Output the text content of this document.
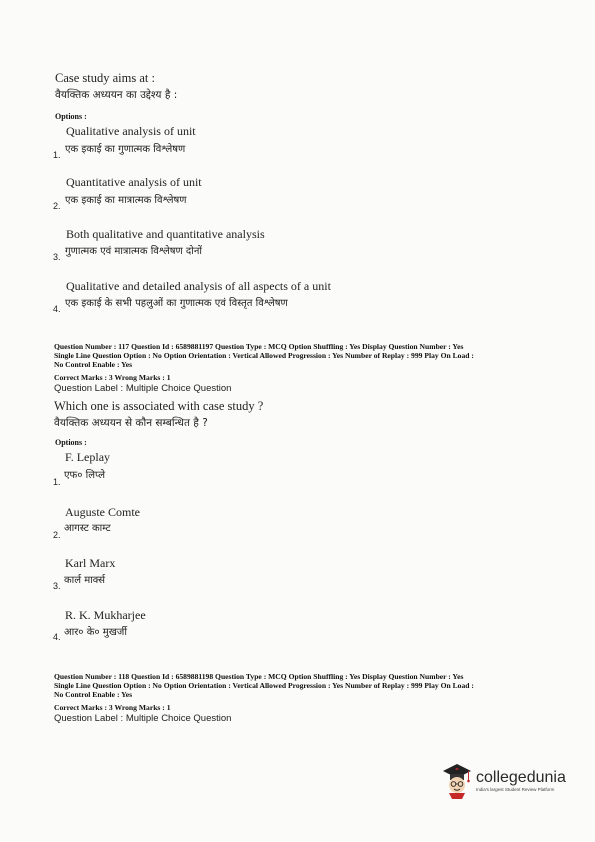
Case study aims at :
वैयक्तिक अध्ययन का उद्देश्य है :
Options :
Qualitative analysis of unit
1. एक इकाई का गुणात्मक विश्लेषण
Quantitative analysis of unit
2. एक इकाई का मात्रात्मक विश्लेषण
Both qualitative and quantitative analysis
3. गुणात्मक एवं मात्रात्मक विश्लेषण दोनों
Qualitative and detailed analysis of all aspects of a unit
4. एक इकाई के सभी पहलुओं का गुणात्मक एवं विस्तृत विश्लेषण
Question Number : 117 Question Id : 6589881197 Question Type : MCQ Option Shuffling : Yes Display Question Number : Yes
Single Line Question Option : No Option Orientation : Vertical Allowed Progression : Yes Number of Replay : 999 Play On Load :
No Control Enable : Yes
Correct Marks : 3 Wrong Marks : 1
Question Label : Multiple Choice Question
Which one is associated with case study ?
वैयक्तिक अध्ययन से कौन सम्बन्धित है ?
Options :
F. Leplay
1.
एफ० लिप्ले
Auguste Comte
2.
आगस्ट काम्ट
Karl Marx
3. कार्ल मार्क्स
R. K. Mukharjee
4. आर० के० मुखर्जी
Question Number : 118 Question Id : 6589881198 Question Type : MCQ Option Shuffling : Yes Display Question Number : Yes
Single Line Question Option : No Option Orientation : Vertical Allowed Progression : Yes Number of Replay : 999 Play On Load :
No Control Enable : Yes
Correct Marks : 3 Wrong Marks : 1
Question Label : Multiple Choice Question
collegedunia
India's largest Student Review Platform
